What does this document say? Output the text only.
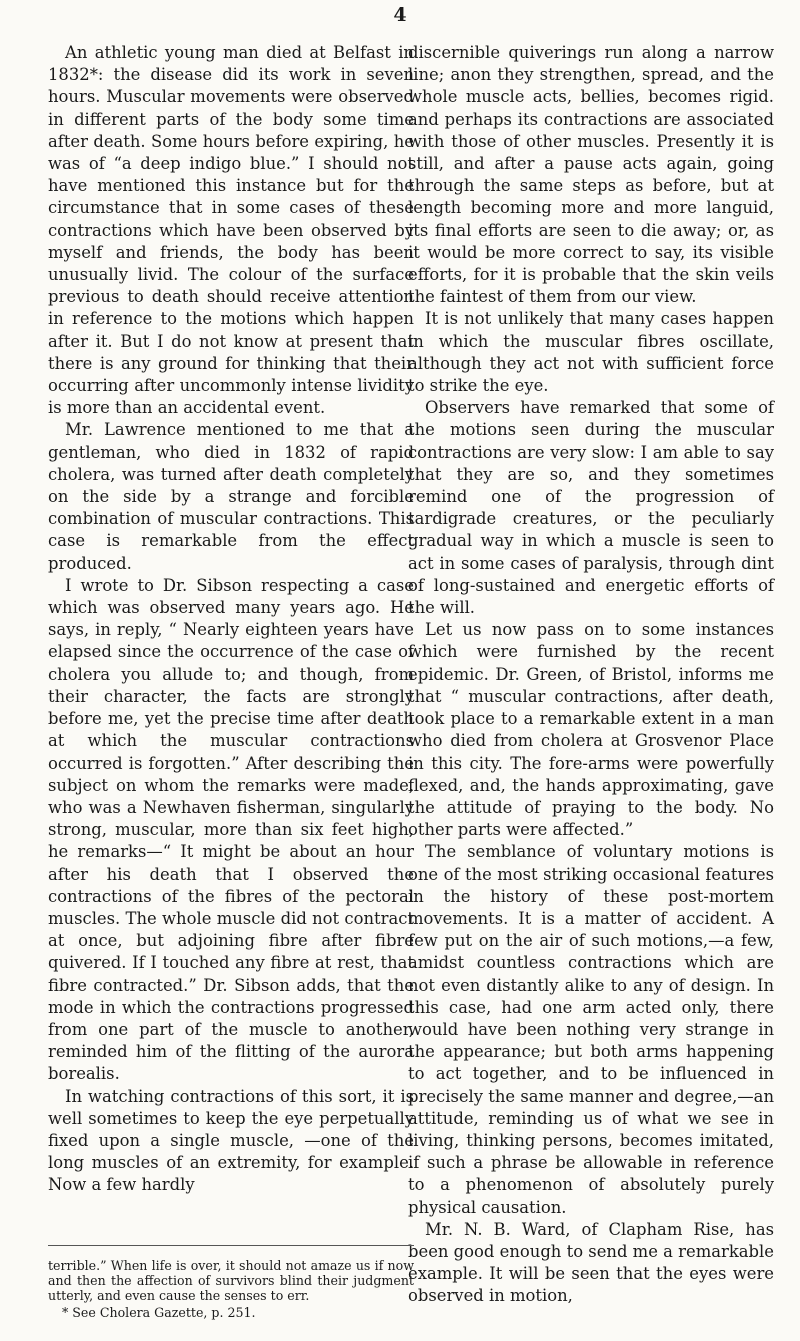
4

An athletic young man died at Belfast in 1832*: the disease did its work in seven hours. Muscular movements were observed in different parts of the body some time after death. Some hours before expiring, he was of “a deep indigo blue.” I should not have mentioned this instance but for the circumstance that in some cases of these contractions which have been observed by myself and friends, the body has been unusually livid. The colour of the surface previous to death should receive attention in reference to the motions which happen after it. But I do not know at present that there is any ground for thinking that their occurring after uncommonly intense lividity is more than an accidental event.

Mr. Lawrence mentioned to me that a gentleman, who died in 1832 of rapid cholera, was turned after death completely on the side by a strange and forcible combination of muscular contractions. This case is remarkable from the effect produced.

I wrote to Dr. Sibson respecting a case which was observed many years ago. He says, in reply, “ Nearly eighteen years have elapsed since the occurrence of the case of cholera you allude to; and though, from their character, the facts are strongly before me, yet the precise time after death at which the muscular contractions occurred is forgotten.” After describing the subject on whom the remarks were made, who was a Newhaven fisherman, singularly strong, muscular, more than six feet high, he remarks—“ It might be about an hour after his death that I observed the contractions of the fibres of the pectoral muscles. The whole muscle did not contract at once, but adjoining fibre after fibre quivered. If I touched any fibre at rest, that fibre contracted.” Dr. Sibson adds, that the mode in which the contractions progressed from one part of the muscle to another, reminded him of the flitting of the aurora borealis.

In watching contractions of this sort, it is well sometimes to keep the eye perpetually fixed upon a single muscle, —one of the long muscles of an extremity, for example. Now a few hardly

discernible quiverings run along a narrow line; anon they strengthen, spread, and the whole muscle acts, bellies, becomes rigid. and perhaps its contractions are associated with those of other muscles. Presently it is still, and after a pause acts again, going through the same steps as before, but at length becoming more and more languid, its final efforts are seen to die away; or, as it would be more correct to say, its visible efforts, for it is probable that the skin veils the faintest of them from our view.

It is not unlikely that many cases happen in which the muscular fibres oscillate, although they act not with sufficient force to strike the eye.

Observers have remarked that some of the motions seen during the muscular contractions are very slow: I am able to say that they are so, and they sometimes remind one of the progression of tardigrade creatures, or the peculiarly gradual way in which a muscle is seen to act in some cases of paralysis, through dint of long-sustained and energetic efforts of the will.

Let us now pass on to some instances which were furnished by the recent epidemic. Dr. Green, of Bristol, informs me that “ muscular contractions, after death, took place to a remarkable extent in a man who died from cholera at Grosvenor Place in this city. The fore-arms were powerfully flexed, and, the hands approximating, gave the attitude of praying to the body. No other parts were affected.”

The semblance of voluntary motions is one of the most striking occasional features in the history of these post-mortem movements. It is a matter of accident. A few put on the air of such motions,—a few, amidst countless contractions which are not even distantly alike to any of design. In this case, had one arm acted only, there would have been nothing very strange in the appearance; but both arms happening to act together, and to be influenced in precisely the same manner and degree,—an attitude, reminding us of what we see in living, thinking persons, becomes imitated, if such a phrase be allowable in reference to a phenomenon of absolutely purely physical causation.

Mr. N. B. Ward, of Clapham Rise, has been good enough to send me a remarkable example. It will be seen that the eyes were observed in motion,

terrible.” When life is over, it should not amaze us if now and then the affection of survivors blind their judgment utterly, and even cause the senses to err.

* See Cholera Gazette, p. 251.
